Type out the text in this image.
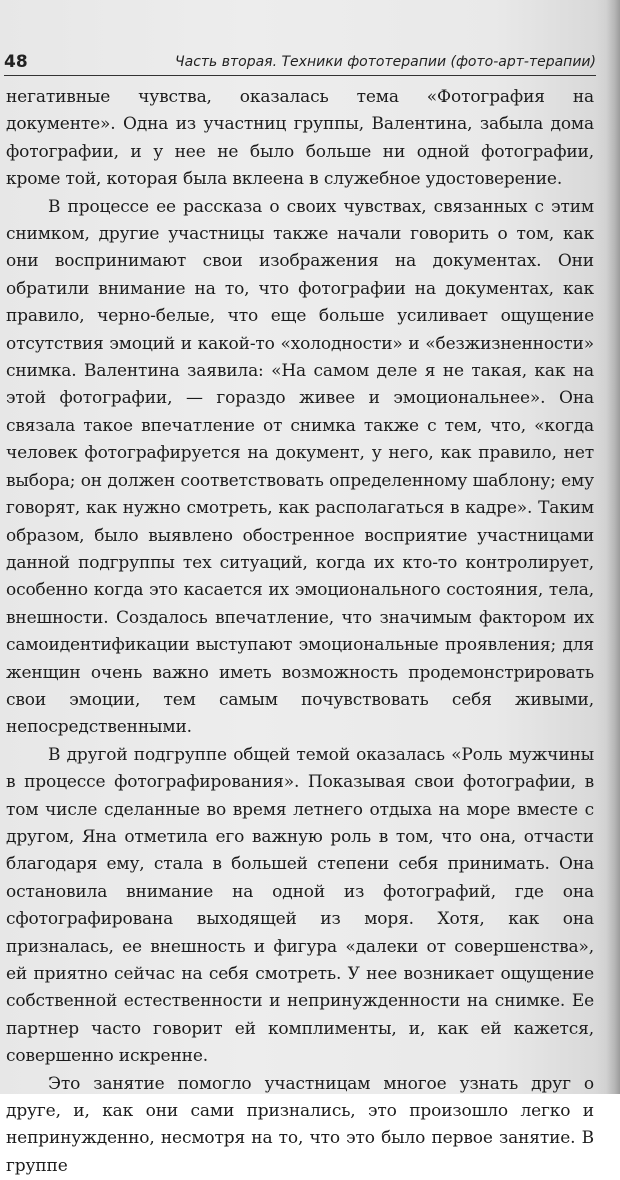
48	Часть вторая. Техники фототерапии (фото-арт-терапии)

негативные чувства, оказалась тема «Фотография на документе». Одна из участниц группы, Валентина, забыла дома фотографии, и у нее не было больше ни одной фотографии, кроме той, которая была вклеена в служебное удостоверение.

В процессе ее рассказа о своих чувствах, связанных с этим снимком, другие участницы также начали говорить о том, как они воспринимают свои изображения на документах. Они обратили внимание на то, что фотографии на документах, как правило, черно-белые, что еще больше усиливает ощущение отсутствия эмоций и какой-то «холодности» и «безжизненности» снимка. Валентина заявила: «На самом деле я не такая, как на этой фотографии, — гораздо живее и эмоциональнее». Она связала такое впечатление от снимка также с тем, что, «когда человек фотографируется на документ, у него, как правило, нет выбора; он должен соответствовать определенному шаблону; ему говорят, как нужно смотреть, как располагаться в кадре». Таким образом, было выявлено обостренное восприятие участницами данной подгруппы тех ситуаций, когда их кто-то контролирует, особенно когда это касается их эмоционального состояния, тела, внешности. Создалось впечатление, что значимым фактором их самоидентификации выступают эмоциональные проявления; для женщин очень важно иметь возможность продемонстрировать свои эмоции, тем самым почувствовать себя живыми, непосредственными.

В другой подгруппе общей темой оказалась «Роль мужчины в процессе фотографирования». Показывая свои фотографии, в том числе сделанные во время летнего отдыха на море вместе с другом, Яна отметила его важную роль в том, что она, отчасти благодаря ему, стала в большей степени себя принимать. Она остановила внимание на одной из фотографий, где она сфотографирована выходящей из моря. Хотя, как она призналась, ее внешность и фигура «далеки от совершенства», ей приятно сейчас на себя смотреть. У нее возникает ощущение собственной естественности и непринужденности на снимке. Ее партнер часто говорит ей комплименты, и, как ей кажется, совершенно искренне.

Это занятие помогло участницам многое узнать друг о друге, и, как они сами признались, это произошло легко и непринужденно, несмотря на то, что это было первое занятие. В группе
